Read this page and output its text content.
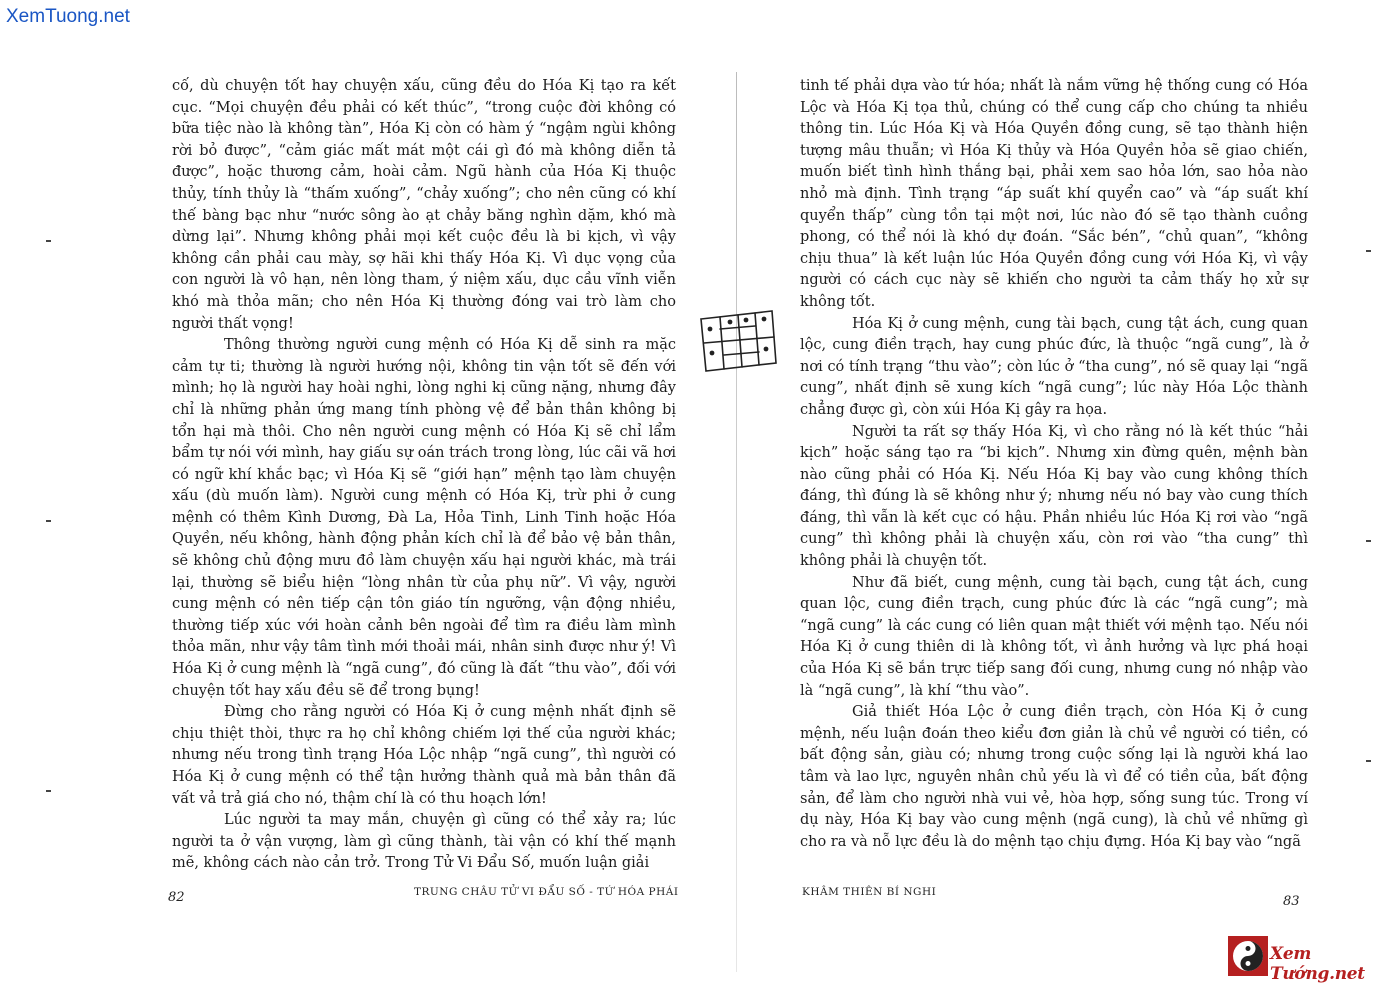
XemTuong.net

cố, dù chuyện tốt hay chuyện xấu, cũng đều do Hóa Kị tạo ra kết cục. “Mọi chuyện đều phải có kết thúc”, “trong cuộc đời không có bữa tiệc nào là không tàn”, Hóa Kị còn có hàm ý “ngậm ngùi không rời bỏ được”, “cảm giác mất mát một cái gì đó mà không diễn tả được”, hoặc thương cảm, hoài cảm. Ngũ hành của Hóa Kị thuộc thủy, tính thủy là “thấm xuống”, “chảy xuống”; cho nên cũng có khí thế bàng bạc như “nước sông ào ạt chảy băng nghìn dặm, khó mà dừng lại”. Nhưng không phải mọi kết cuộc đều là bi kịch, vì vậy không cần phải cau mày, sợ hãi khi thấy Hóa Kị. Vì dục vọng của con người là vô hạn, nên lòng tham, ý niệm xấu, dục cầu vĩnh viễn khó mà thỏa mãn; cho nên Hóa Kị thường đóng vai trò làm cho người thất vọng!

Thông thường người cung mệnh có Hóa Kị dễ sinh ra mặc cảm tự ti; thường là người hướng nội, không tin vận tốt sẽ đến với mình; họ là người hay hoài nghi, lòng nghi kị cũng nặng, nhưng đây chỉ là những phản ứng mang tính phòng vệ để bản thân không bị tổn hại mà thôi. Cho nên người cung mệnh có Hóa Kị sẽ chỉ lẩm bẩm tự nói với mình, hay giấu sự oán trách trong lòng, lúc cãi vã hơi có ngữ khí khắc bạc; vì Hóa Kị sẽ “giới hạn” mệnh tạo làm chuyện xấu (dù muốn làm). Người cung mệnh có Hóa Kị, trừ phi ở cung mệnh có thêm Kình Dương, Đà La, Hỏa Tinh, Linh Tinh hoặc Hóa Quyền, nếu không, hành động phản kích chỉ là để bảo vệ bản thân, sẽ không chủ động mưu đồ làm chuyện xấu hại người khác, mà trái lại, thường sẽ biểu hiện “lòng nhân từ của phụ nữ”. Vì vậy, người cung mệnh có nên tiếp cận tôn giáo tín ngưỡng, vận động nhiều, thường tiếp xúc với hoàn cảnh bên ngoài để tìm ra điều làm mình thỏa mãn, như vậy tâm tình mới thoải mái, nhân sinh được như ý! Vì Hóa Kị ở cung mệnh là “ngã cung”, đó cũng là đất “thu vào”, đối với chuyện tốt hay xấu đều sẽ để trong bụng!

Đừng cho rằng người có Hóa Kị ở cung mệnh nhất định sẽ chịu thiệt thòi, thực ra họ chỉ không chiếm lợi thế của người khác; nhưng nếu trong tình trạng Hóa Lộc nhập “ngã cung”, thì người có Hóa Kị ở cung mệnh có thể tận hưởng thành quả mà bản thân đã vất vả trả giá cho nó, thậm chí là có thu hoạch lớn!

Lúc người ta may mắn, chuyện gì cũng có thể xảy ra; lúc người ta ở vận vượng, làm gì cũng thành, tài vận có khí thế mạnh mẽ, không cách nào cản trở. Trong Tử Vi Đẩu Số, muốn luận giải

82	TRUNG CHÂU TỬ VI ĐẨU SỐ - TỨ HÓA PHÁI

tinh tế phải dựa vào tứ hóa; nhất là nắm vững hệ thống cung có Hóa Lộc và Hóa Kị tọa thủ, chúng có thể cung cấp cho chúng ta nhiều thông tin. Lúc Hóa Kị và Hóa Quyền đồng cung, sẽ tạo thành hiện tượng mâu thuẫn; vì Hóa Kị thủy và Hóa Quyền hỏa sẽ giao chiến, muốn biết tình hình thắng bại, phải xem sao hỏa lớn, sao hỏa nào nhỏ mà định. Tình trạng “áp suất khí quyển cao” và “áp suất khí quyển thấp” cùng tồn tại một nơi, lúc nào đó sẽ tạo thành cuồng phong, có thể nói là khó dự đoán. “Sắc bén”, “chủ quan”, “không chịu thua” là kết luận lúc Hóa Quyền đồng cung với Hóa Kị, vì vậy người có cách cục này sẽ khiến cho người ta cảm thấy họ xử sự không tốt.

Hóa Kị ở cung mệnh, cung tài bạch, cung tật ách, cung quan lộc, cung điền trạch, hay cung phúc đức, là thuộc “ngã cung”, là ở nơi có tính trạng “thu vào”; còn lúc ở “tha cung”, nó sẽ quay lại “ngã cung”, nhất định sẽ xung kích “ngã cung”; lúc này Hóa Lộc thành chẳng được gì, còn xúi Hóa Kị gây ra họa.

Người ta rất sợ thấy Hóa Kị, vì cho rằng nó là kết thúc “hải kịch” hoặc sáng tạo ra “bi kịch”. Nhưng xin đừng quên, mệnh bàn nào cũng phải có Hóa Kị. Nếu Hóa Kị bay vào cung không thích đáng, thì đúng là sẽ không như ý; nhưng nếu nó bay vào cung thích đáng, thì vẫn là kết cục có hậu. Phần nhiều lúc Hóa Kị rơi vào “ngã cung” thì không phải là chuyện xấu, còn rơi vào “tha cung” thì không phải là chuyện tốt.

Như đã biết, cung mệnh, cung tài bạch, cung tật ách, cung quan lộc, cung điền trạch, cung phúc đức là các “ngã cung”; mà “ngã cung” là các cung có liên quan mật thiết với mệnh tạo. Nếu nói Hóa Kị ở cung thiên di là không tốt, vì ảnh hưởng và lực phá hoại của Hóa Kị sẽ bắn trực tiếp sang đối cung, nhưng cung nó nhập vào là “ngã cung”, là khí “thu vào”.

Giả thiết Hóa Lộc ở cung điền trạch, còn Hóa Kị ở cung mệnh, nếu luận đoán theo kiểu đơn giản là chủ về người có tiền, có bất động sản, giàu có; nhưng trong cuộc sống lại là người khá lao tâm và lao lực, nguyên nhân chủ yếu là vì để có tiền của, bất động sản, để làm cho người nhà vui vẻ, hòa hợp, sống sung túc. Trong ví dụ này, Hóa Kị bay vào cung mệnh (ngã cung), là chủ về những gì cho ra và nỗ lực đều là do mệnh tạo chịu đựng. Hóa Kị bay vào “ngã

KHÂM THIÊN BÍ NGHI
83
Xem Tướng.net
